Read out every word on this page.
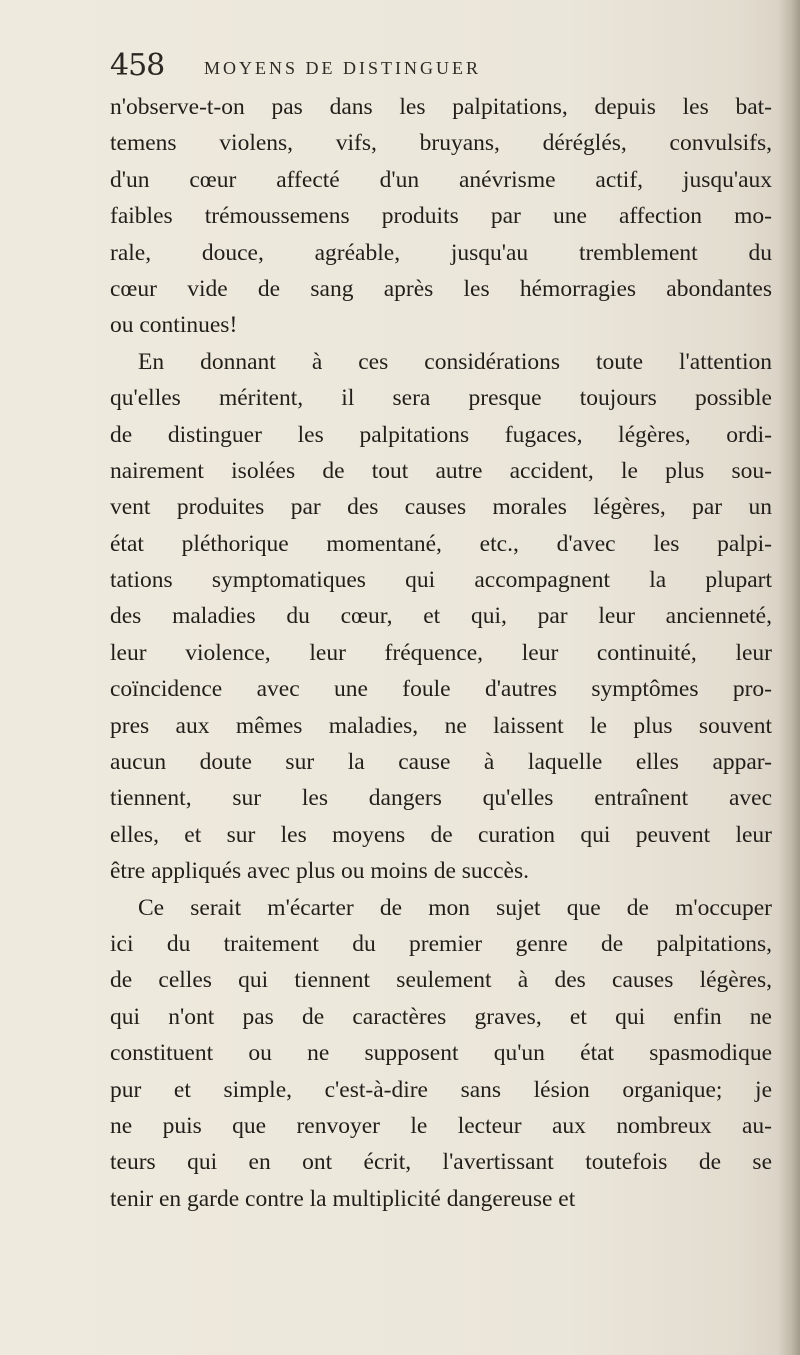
458 MOYENS DE DISTINGUER
n'observe-t-on pas dans les palpitations, depuis les bat-
temens violens, vifs, bruyans, déréglés, convulsifs,
d'un cœur affecté d'un anévrisme actif, jusqu'aux
faibles trémoussemens produits par une affection mo-
rale, douce, agréable, jusqu'au tremblement du
cœur vide de sang après les hémorragies abondantes
ou continues!
En donnant à ces considérations toute l'attention
qu'elles méritent, il sera presque toujours possible
de distinguer les palpitations fugaces, légères, ordi-
nairement isolées de tout autre accident, le plus sou-
vent produites par des causes morales légères, par un
état pléthorique momentané, etc., d'avec les palpi-
tations symptomatiques qui accompagnent la plupart
des maladies du cœur, et qui, par leur ancienneté,
leur violence, leur fréquence, leur continuité, leur
coïncidence avec une foule d'autres symptômes pro-
pres aux mêmes maladies, ne laissent le plus souvent
aucun doute sur la cause à laquelle elles appar-
tiennent, sur les dangers qu'elles entraînent avec
elles, et sur les moyens de curation qui peuvent leur
être appliqués avec plus ou moins de succès.
Ce serait m'écarter de mon sujet que de m'occuper
ici du traitement du premier genre de palpitations,
de celles qui tiennent seulement à des causes légères,
qui n'ont pas de caractères graves, et qui enfin ne
constituent ou ne supposent qu'un état spasmodique
pur et simple, c'est-à-dire sans lésion organique; je
ne puis que renvoyer le lecteur aux nombreux au-
teurs qui en ont écrit, l'avertissant toutefois de se
tenir en garde contre la multiplicité dangereuse et
